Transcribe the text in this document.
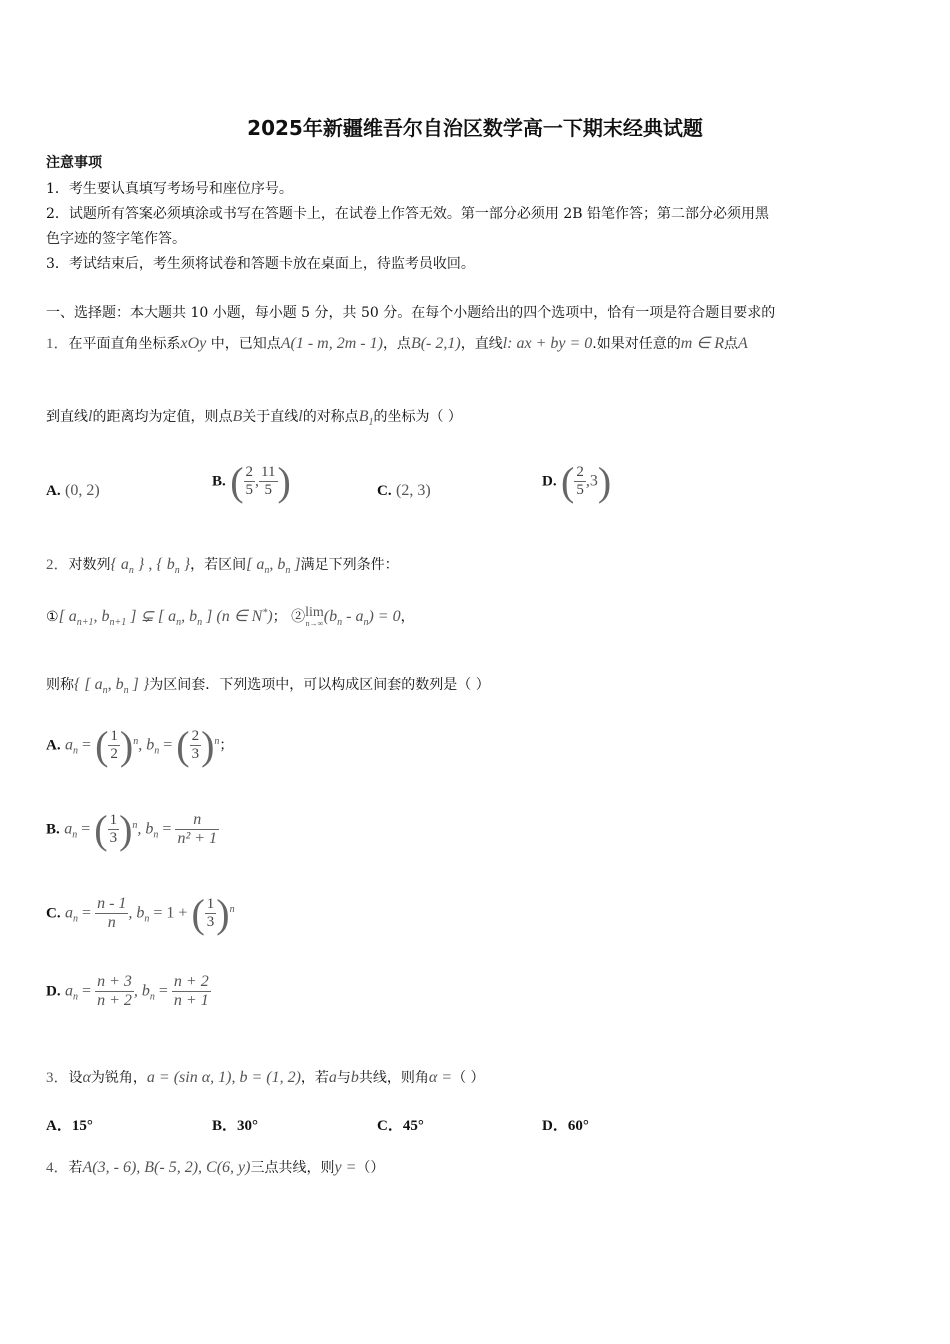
2025年新疆维吾尔自治区数学高一下期末经典试题
注意事项
1．考生要认真填写考场号和座位序号。
2．试题所有答案必须填涂或书写在答题卡上，在试卷上作答无效。第一部分必须用 2B 铅笔作答；第二部分必须用黑
色字迹的签字笔作答。
3．考试结束后，考生须将试卷和答题卡放在桌面上，待监考员收回。
一、选择题：本大题共 10 小题，每小题 5 分，共 50 分。在每个小题给出的四个选项中，恰有一项是符合题目要求的
1．在平面直角坐标系xOy 中，已知点A(1 - m, 2m - 1)，点B(- 2,1)，直线l: ax + by = 0.如果对任意的m ∈ R点A
到直线l的距离均为定值，则点B关于直线l的对称点$B_1$的坐标为（ ）
A. (0, 2)
B. ( $\frac{2}{5}$ , $\frac{11}{5}$ )	C. (2, 3)
D. ( $\frac{2}{5} ,3$)
2．对数列{ $a_n$ } , { $b_n$ }，若区间[ $a_n$, $b_n$ ]满足下列条件：
①[ $a_{n+1}$, $b_{n+1}$ ] ⊊ [ $a_n$, $b_n$ ] (n ∈ N*)； ② lim
n→∞ $(b_n - a_n) = 0$，
则称{ [ $a_n$, $b_n$ ] }为区间套．下列选项中，可以构成区间套的数列是（ ）
A. $a_n$ = ( $\frac{1}{2} )^n$, $b_n$ = ( $\frac{2}{3} )^n$；
B. $a_n$ = ( $\frac{1}{3} )^n$, $b_n = \frac{n}{\text{n² + 1}}$
C. $a_n = \frac{n - 1}{n}$ , $b_n = 1$ + ( $\frac{1}{3} )^n$
D. $a_n = \frac{n + 3}{n + 2}$ , $b_n = \frac{n + 2}{n + 1}$
3．设α为锐角，a = (sin α, 1), b = (1, 2)，若a与b共线，则角α =（ ）
A．15°	B．30°	C．45°	D．60°
4．若A(3, - 6), B(- 5, 2), C(6, y)三点共线，则y =（）
